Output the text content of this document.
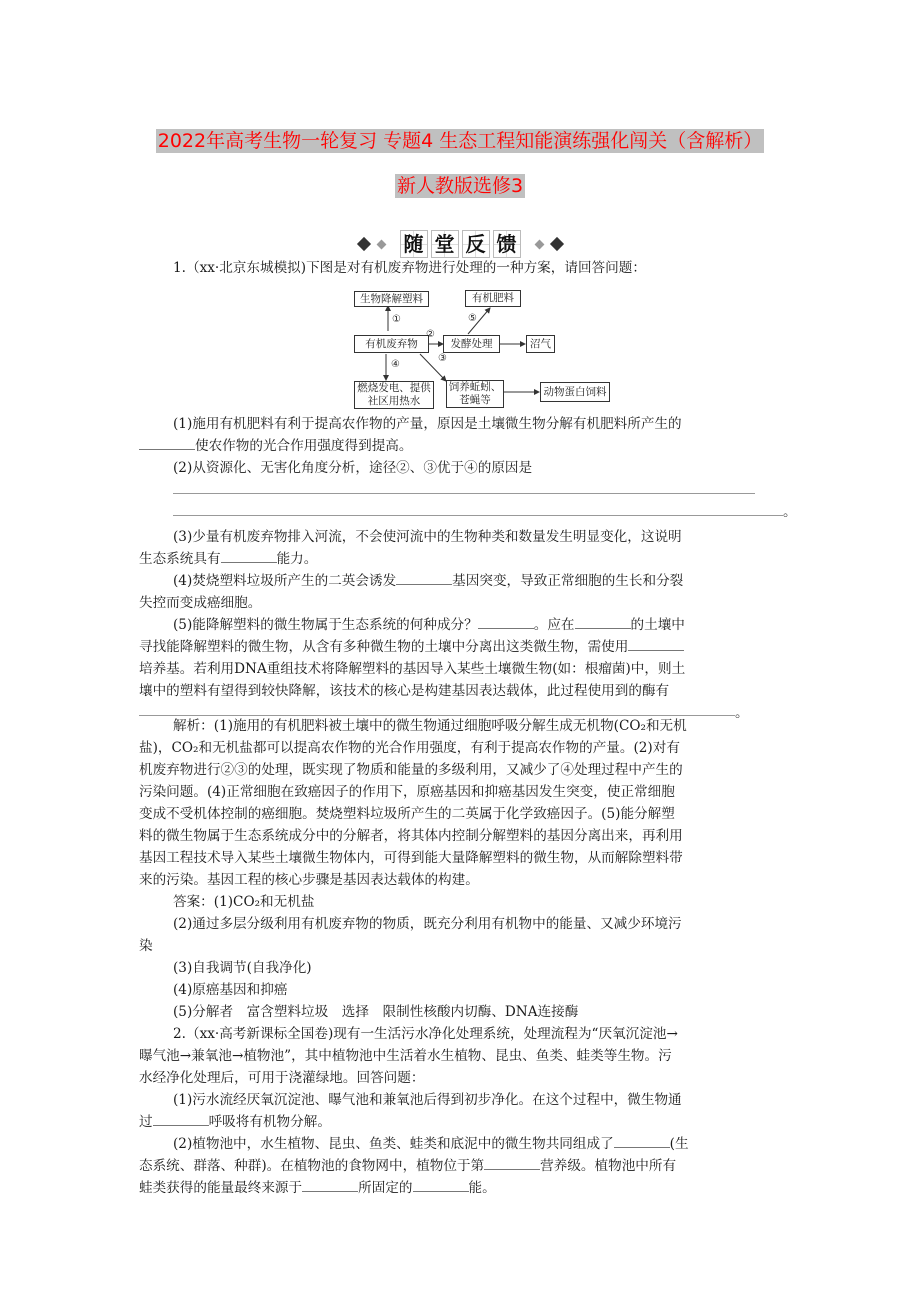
2022年高考生物一轮复习 专题4 生态工程知能演练强化闯关（含解析）
新人教版选修3
随 堂 反 馈
1.（xx·北京东城模拟)下图是对有机废弃物进行处理的一种方案，请回答问题：
生物降解塑料
有机废弃物
燃烧发电、提供社区用热水
发酵处理
有机肥料
沼气
饲养蚯蚓、苍蝇等
动物蛋白饲料
①
②
③
④
⑤
(1)施用有机肥料有利于提高农作物的产量，原因是土壤微生物分解有机肥料所产生的
使农作物的光合作用强度得到提高。
(2)从资源化、无害化角度分析，途径②、③优于④的原因是
。
(3)少量有机废弃物排入河流，不会使河流中的生物种类和数量发生明显变化，这说明
生态系统具有	能力。
(4)焚烧塑料垃圾所产生的二英会诱发	基因突变，导致正常细胞的生长和分裂
失控而变成癌细胞。
(5)能降解塑料的微生物属于生态系统的何种成分？	。应在	的土壤中
寻找能降解塑料的微生物，从含有多种微生物的土壤中分离出这类微生物，需使用
培养基。若利用DNA重组技术将降解塑料的基因导入某些土壤微生物(如：根瘤菌)中，则土
壤中的塑料有望得到较快降解，该技术的核心是构建基因表达载体，此过程使用到的酶有
。
解析：(1)施用的有机肥料被土壤中的微生物通过细胞呼吸分解生成无机物(CO₂和无机
盐)，CO₂和无机盐都可以提高农作物的光合作用强度，有利于提高农作物的产量。(2)对有
机废弃物进行②③的处理，既实现了物质和能量的多级利用，又减少了④处理过程中产生的
污染问题。(4)正常细胞在致癌因子的作用下，原癌基因和抑癌基因发生突变，使正常细胞
变成不受机体控制的癌细胞。焚烧塑料垃圾所产生的二英属于化学致癌因子。(5)能分解塑
料的微生物属于生态系统成分中的分解者，将其体内控制分解塑料的基因分离出来，再利用
基因工程技术导入某些土壤微生物体内，可得到能大量降解塑料的微生物，从而解除塑料带
来的污染。基因工程的核心步骤是基因表达载体的构建。
答案：(1)CO₂和无机盐
(2)通过多层分级利用有机废弃物的物质，既充分利用有机物中的能量、又减少环境污
染
(3)自我调节(自我净化)
(4)原癌基因和抑癌
(5)分解者　富含塑料垃圾　选择　限制性核酸内切酶、DNA连接酶
2.（xx·高考新课标全国卷)现有一生活污水净化处理系统，处理流程为“厌氧沉淀池→
曝气池→兼氧池→植物池”，其中植物池中生活着水生植物、昆虫、鱼类、蛙类等生物。污
水经净化处理后，可用于浇灌绿地。回答问题：
(1)污水流经厌氧沉淀池、曝气池和兼氧池后得到初步净化。在这个过程中，微生物通
过	呼吸将有机物分解。
(2)植物池中，水生植物、昆虫、鱼类、蛙类和底泥中的微生物共同组成了	(生
态系统、群落、种群)。在植物池的食物网中，植物位于第	营养级。植物池中所有
蛙类获得的能量最终来源于	所固定的	能。
